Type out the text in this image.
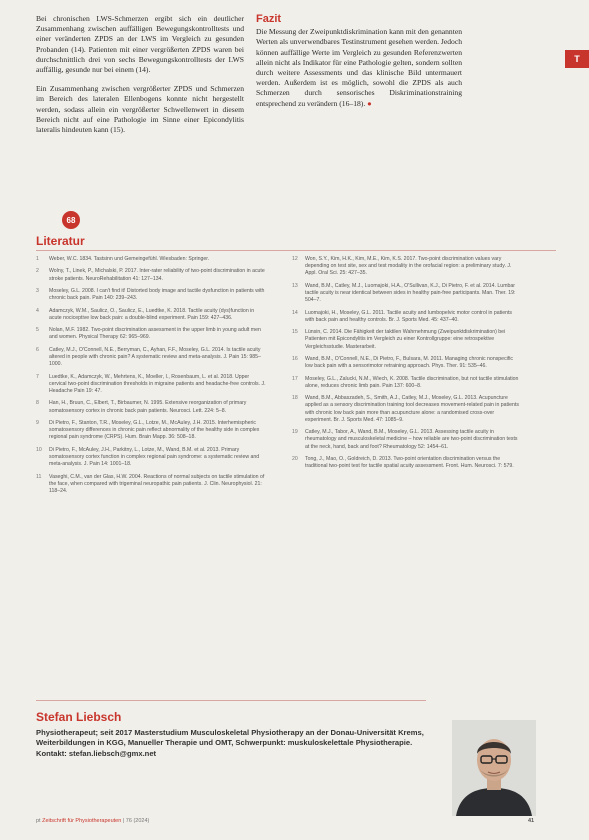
Bei chronischen LWS-Schmerzen ergibt sich ein deutlicher Zusammenhang zwischen auffälligen Bewegungskontrolltests und einer veränderten ZPDS an der LWS im Vergleich zu gesunden Probanden (14). Patienten mit einer vergrößerten ZPDS waren bei durchschnittlich drei von sechs Bewegungskontrolltests der LWS auffällig, gesunde nur bei einem (14).

Ein Zusammenhang zwischen vergrößerter ZPDS und Schmerzen im Bereich des lateralen Ellenbogens konnte nicht hergestellt werden, sodass allein ein vergrößerter Schwellenwert in diesem Bereich nicht auf eine Pathologie im Sinne einer Epicondylitis lateralis hindeuten kann (15).

Fazit

Die Messung der Zweipunktdiskrimination kann mit den genannten Werten als unverwendbares Testinstrument gesehen werden. Jedoch können auffällige Werte im Vergleich zu gesunden Referenzwerten allein nicht als Indikator für eine Pathologie gelten, sondern sollten durch weitere Assessments und das klinische Bild untermauert werden. Außerdem ist es möglich, sowohl die ZPDS als auch Schmerzen durch sensorisches Diskriminationstraining entsprechend zu verändern (16–18). ●

T
68
Literatur
1	Weber, W.C. 1834. Tastsinn und Gemeingefühl. Wiesbaden: Springer.
2	Wolny, T., Linek, P., Michalski, P. 2017. Inter-rater reliability of two-point discrimination in acute stroke patients. NeuroRehabilitation 41: 127–134.
3	Moseley, G.L. 2008. I can't find it! Distorted body image and tactile dysfunction in patients with chronic back pain. Pain 140: 239–243.
4	Adamczyk, W.M., Saulicz, O., Saulicz, E., Luedtke, K. 2018. Tactile acuity (dys)function in acute nociceptive low back pain: a double-blind experiment. Pain 159: 427–436.
5	Nolan, M.F. 1982. Two-point discrimination assessment in the upper limb in young adult men and women. Physical Therapy 62: 965–969.
6	Catley, M.J., O'Connell, N.E., Berryman, C., Ayhan, F.F., Moseley, G.L. 2014. Is tactile acuity altered in people with chronic pain? A systematic review and meta-analysis. J. Pain 15: 985–1000.
7	Luedtke, K., Adamczyk, W., Mehrtens, K., Moeller, I., Rosenbaum, L. et al. 2018. Upper cervical two-point discrimination thresholds in migraine patients and headache-free controls. J. Headache Pain 19: 47.
8	Han, H., Bruun, C., Elbert, T., Birbaumer, N. 1995. Extensive reorganization of primary somatosensory cortex in chronic back pain patients. Neurosci. Lett. 224: 5–8.
9	Di Pietro, F., Stanton, T.R., Moseley, G.L., Lotze, M., McAuley, J.H. 2015. Interhemispheric somatosensory differences in chronic pain reflect abnormality of the healthy side in complex regional pain syndrome (CRPS). Hum. Brain Mapp. 36: 508–18.
10	Di Pietro, F., McAuley, J.H., Parkitny, L., Lotze, M., Wand, B.M. et al. 2013. Primary somatosensory cortex function in complex regional pain syndrome: a systematic review and meta-analysis. J. Pain 14: 1001–18.
11	Vaseghi, C.M., van der Glas, H.W. 2004. Reactions of normal subjects on tactile stimulation of the face, when compared with trigeminal neuropathic pain patients. J. Clin. Neurophysiol. 21: 118–24.
12	Won, S.Y., Kim, H.K., Kim, M.E., Kim, K.S. 2017. Two-point discrimination values vary depending on test site, sex and test modality in the orofacial region: a preliminary study. J. Appl. Oral Sci. 25: 427–35.
13	Wand, B.M., Catley, M.J., Luomajoki, H.A., O'Sullivan, K.J., Di Pietro, F. et al. 2014. Lumbar tactile acuity is near identical between sides in healthy pain-free participants. Man. Ther. 19: 504–7.
14	Luomajoki, H., Moseley, G.L. 2011. Tactile acuity and lumbopelvic motor control in patients with back pain and healthy controls. Br. J. Sports Med. 45: 437–40.
15	Lünsin, C. 2014. Die Fähigkeit der taktilen Wahrnehmung (Zweipunktdiskrimination) bei Patienten mit Epicondylitis im Vergleich zu einer Kontrollgruppe: eine retrospektive Vergleichsstudie. Masterarbeit.
16	Wand, B.M., O'Connell, N.E., Di Pietro, F., Bulsara, M. 2011. Managing chronic nonspecific low back pain with a sensorimotor retraining approach. Phys. Ther. 91: 535–46.
17	Moseley, G.L., Zalucki, N.M., Wiech, K. 2008. Tactile discrimination, but not tactile stimulation alone, reduces chronic limb pain. Pain 137: 600–8.
18	Wand, B.M., Abbaszadeh, S., Smith, A.J., Catley, M.J., Moseley, G.L. 2013. Acupuncture applied as a sensory discrimination training tool decreases movement-related pain in patients with chronic low back pain more than acupuncture alone: a randomised cross-over experiment. Br. J. Sports Med. 47: 1085–9.
19	Catley, M.J., Tabor, A., Wand, B.M., Moseley, G.L. 2013. Assessing tactile acuity in rheumatology and musculoskeletal medicine – how reliable are two-point discrimination tests at the neck, hand, back and foot? Rheumatology 52: 1454–61.
20	Tong, J., Mao, O., Goldreich, D. 2013. Two-point orientation discrimination versus the traditional two-point test for tactile spatial acuity assessment. Front. Hum. Neurosci. 7: 579.
Stefan Liebsch
Physiotherapeut; seit 2017 Masterstudium Musculoskeletal Physiotherapy an der Donau-Universität Krems, Weiterbildungen in KGG, Manueller Therapie und OMT, Schwerpunkt: muskuloskelettale Physiotherapie. Kontakt: stefan.liebsch@gmx.net
pt Zeitschrift für Physiotherapeuten | 76 (2024)	41
